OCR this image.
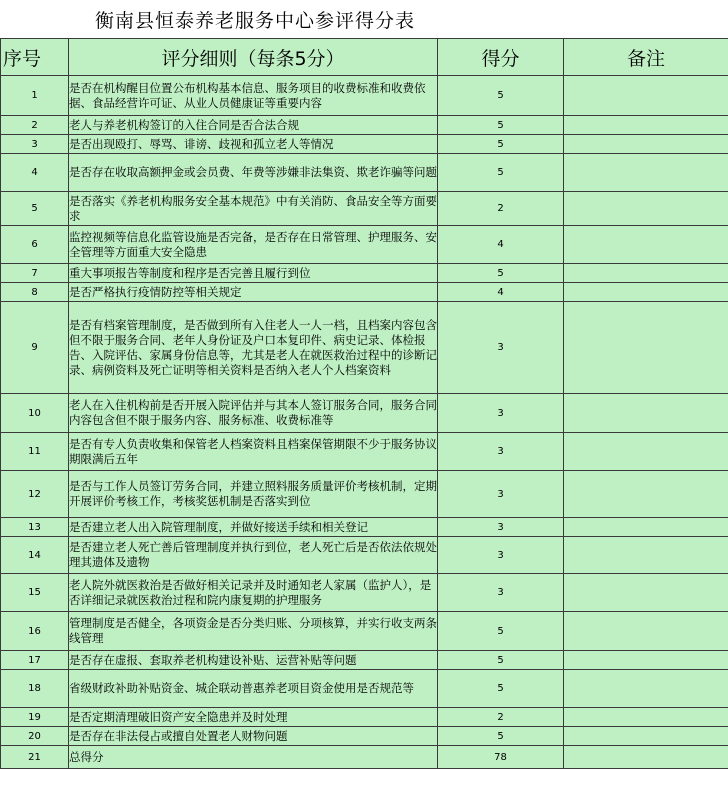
衡南县恒泰养老服务中心参评得分表
序号	评分细则（每条5分）	得分	备注
1	是否在机构醒目位置公布机构基本信息、服务项目的收费标准和收费依据、食品经营许可证、从业人员健康证等重要内容	5	
2	老人与养老机构签订的入住合同是否合法合规	5	
3	是否出现殴打、辱骂、诽谤、歧视和孤立老人等情况	5	
4	是否存在收取高额押金或会员费、年费等涉嫌非法集资、欺老诈骗等问题	5	
5	是否落实《养老机构服务安全基本规范》中有关消防、食品安全等方面要求	2	
6	监控视频等信息化监管设施是否完备，是否存在日常管理、护理服务、安全管理等方面重大安全隐患	4	
7	重大事项报告等制度和程序是否完善且履行到位	5	
8	是否严格执行疫情防控等相关规定	4	
9	是否有档案管理制度，是否做到所有入住老人一人一档，且档案内容包含但不限于服务合同、老年人身份证及户口本复印件、病史记录、体检报告、入院评估、家属身份信息等，尤其是老人在就医救治过程中的诊断记录、病例资料及死亡证明等相关资料是否纳入老人个人档案资料	3	
10	老人在入住机构前是否开展入院评估并与其本人签订服务合同，服务合同内容包含但不限于服务内容、服务标准、收费标准等	3	
11	是否有专人负责收集和保管老人档案资料且档案保管期限不少于服务协议期限满后五年	3	
12	是否与工作人员签订劳务合同，并建立照料服务质量评价考核机制，定期开展评价考核工作，考核奖惩机制是否落实到位	3	
13	是否建立老人出入院管理制度，并做好接送手续和相关登记	3	
14	是否建立老人死亡善后管理制度并执行到位，老人死亡后是否依法依规处理其遗体及遗物	3	
15	老人院外就医救治是否做好相关记录并及时通知老人家属（监护人），是否详细记录就医救治过程和院内康复期的护理服务	3	
16	管理制度是否健全，各项资金是否分类归账、分项核算，并实行收支两条线管理	5	
17	是否存在虚报、套取养老机构建设补贴、运营补贴等问题	5	
18	省级财政补助补贴资金、城企联动普惠养老项目资金使用是否规范等	5	
19	是否定期清理破旧资产安全隐患并及时处理	2	
20	是否存在非法侵占或擅自处置老人财物问题	5	
21	总得分	78	
